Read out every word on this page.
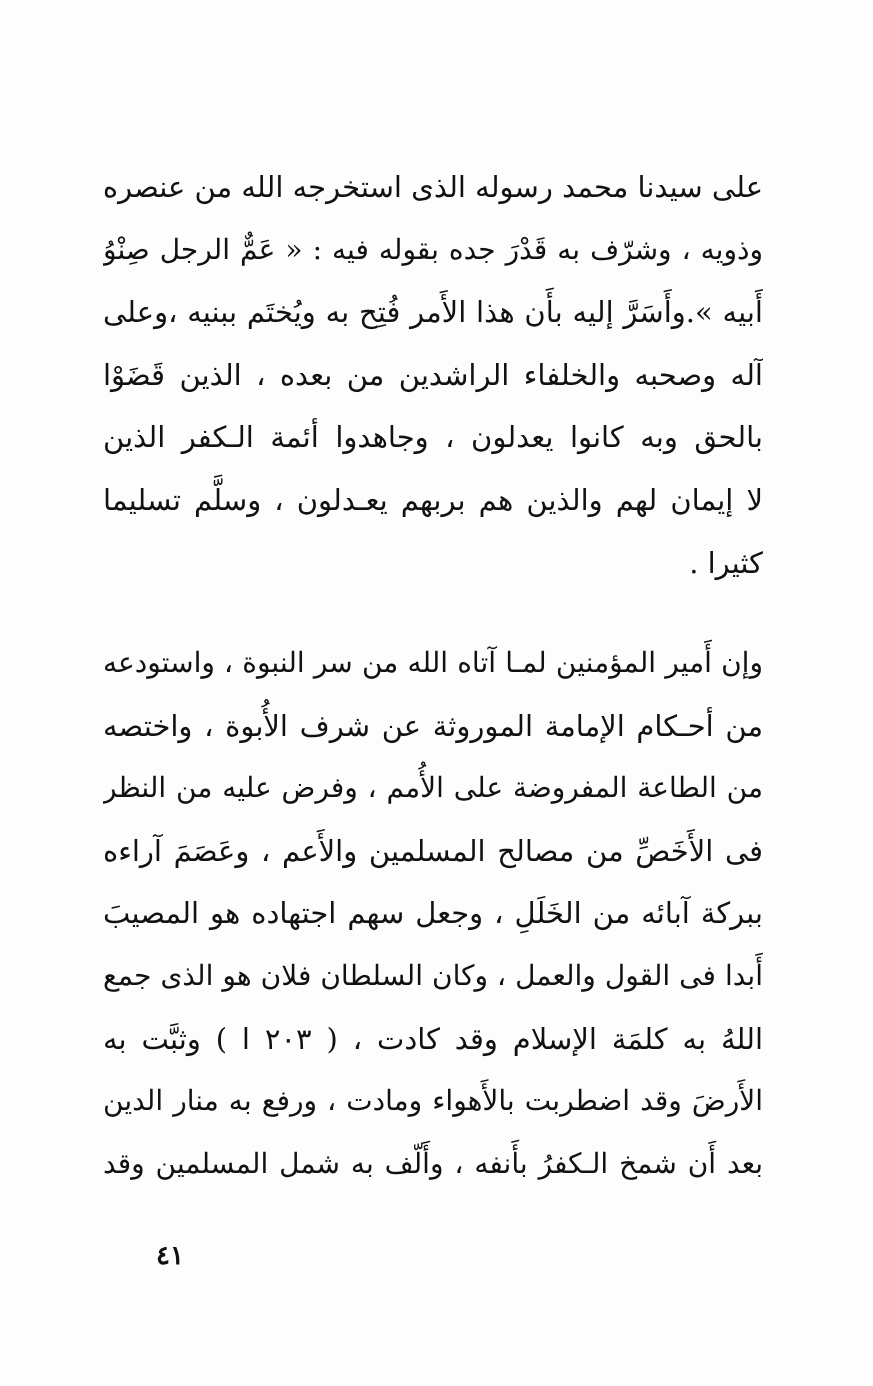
على سيدنا محمد رسوله الذى استخرجه الله من عنصره
وذويه ، وشرّف به قَدْرَ جده بقوله فيه : « عَمٌّ الرجل صِنْوُ
أَبيه ».وأَسَرَّ إليه بأَن هذا الأَمر فُتِح به ويُختَم ببنيه ،وعلى
آله وصحبه والخلفاء الراشدين من بعده ، الذين قَضَوْا
بالحق وبه كانوا يعدلون ، وجاهدوا أئمة الـكفر الذين
لا إيمان لهم والذين هم بربهم يعـدلون ، وسلَّم تسليما
كثيرا .
وإن أَمير المؤمنين لمـا آتاه الله من سر النبوة ، واستودعه
من أحـكام الإمامة الموروثة عن شرف الأُبوة ، واختصه
من الطاعة المفروضة على الأُمم ، وفرض عليه من النظر
فى الأَخَصِّ من مصالح المسلمين والأَعم ، وعَصَمَ آراءه
ببركة آبائه من الخَلَلِ ، وجعل سهم اجتهاده هو المصيبَ
أَبدا فى القول والعمل ، وكان السلطان فلان هو الذى جمع
اللهُ به كلمَة الإسلام وقد كادت ، ( ٢٠٣ ا ) وثبَّت به
الأَرضَ وقد اضطربت بالأَهواء ومادت ، ورفع به منار الدين
بعد أَن شمخ الـكفرُ بأَنفه ، وأَلّف به شمل المسلمين وقد
٤١
